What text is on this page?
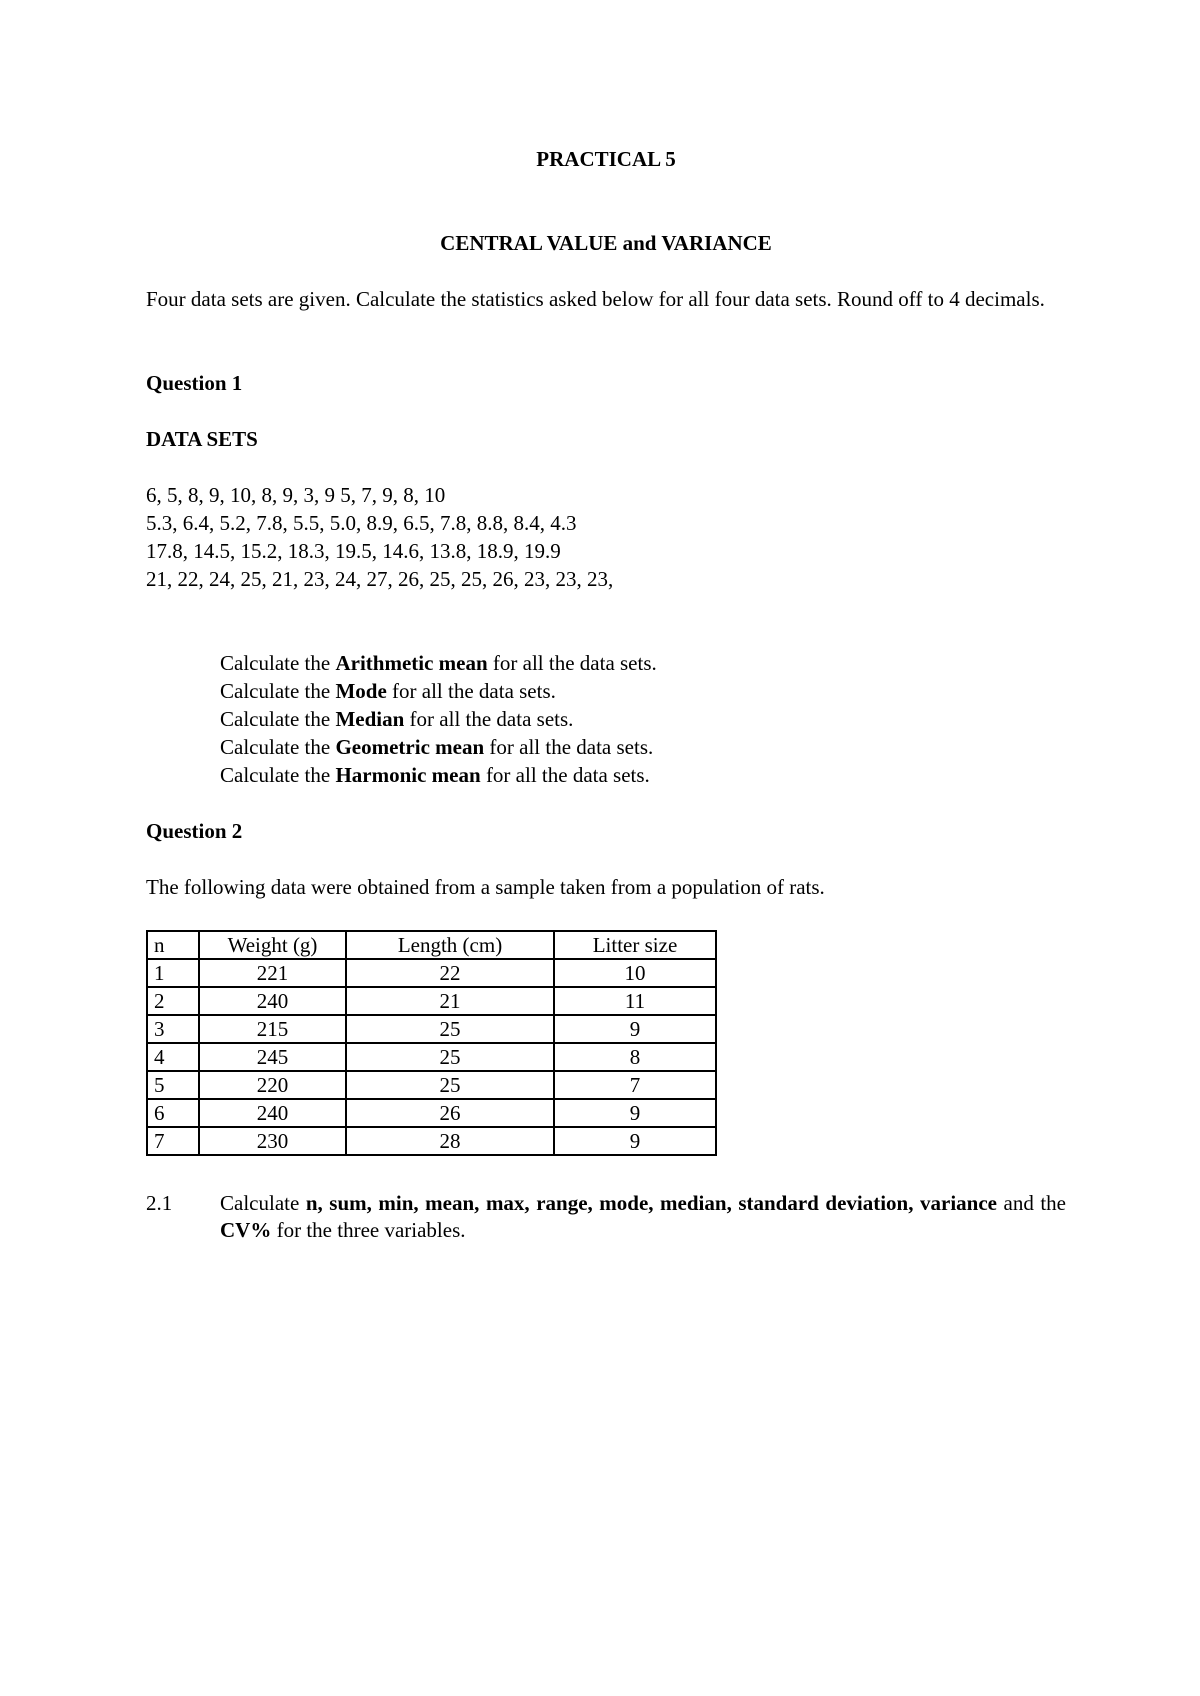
PRACTICAL 5
CENTRAL VALUE and VARIANCE
Four data sets are given. Calculate the statistics asked below for all four data sets. Round off to 4 decimals.
Question 1
DATA SETS
6, 5, 8, 9, 10, 8, 9, 3, 9 5, 7, 9, 8, 10
5.3, 6.4, 5.2, 7.8, 5.5, 5.0, 8.9, 6.5, 7.8, 8.8, 8.4, 4.3
17.8, 14.5, 15.2, 18.3, 19.5, 14.6, 13.8, 18.9, 19.9
21, 22, 24, 25, 21, 23, 24, 27, 26, 25, 25, 26, 23, 23, 23,
Calculate the Arithmetic mean for all the data sets.
Calculate the Mode for all the data sets.
Calculate the Median for all the data sets.
Calculate the Geometric mean for all the data sets.
Calculate the Harmonic mean for all the data sets.
Question 2
The following data were obtained from a sample taken from a population of rats.
n	Weight (g)	Length (cm)	Litter size
1	221	22	10
2	240	21	11
3	215	25	9
4	245	25	8
5	220	25	7
6	240	26	9
7	230	28	9
2.1 Calculate n, sum, min, mean, max, range, mode, median, standard deviation, variance and the CV% for the three variables.
